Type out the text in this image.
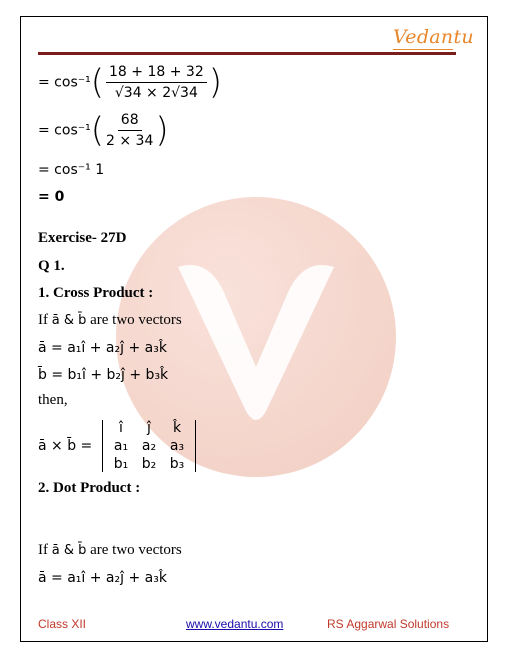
Vedantu
= $\cos^{-1}( \frac{18 + 18 + 32}{√34 \times 2√34}$ )
= $\cos^{-1}( \frac{68}{2 \times 34}$ )
= cos⁻¹ 1
= 0
Exercise- 27D
Q 1.
1. Cross Product :
If ā & b̄ are two vectors
ā = a₁î + a₂ĵ + a₃k̂
b̄ = b₁î + b₂ĵ + b₃k̂
then,
ā × b̄ =
î	ĵ	k̂
a₁ a₂ a₃
b₁ b₂ b₃
2. Dot Product :
If ā & b̄ are two vectors
ā = a₁î + a₂ĵ + a₃k̂
Class XII	www.vedantu.com	RS Aggarwal Solutions
